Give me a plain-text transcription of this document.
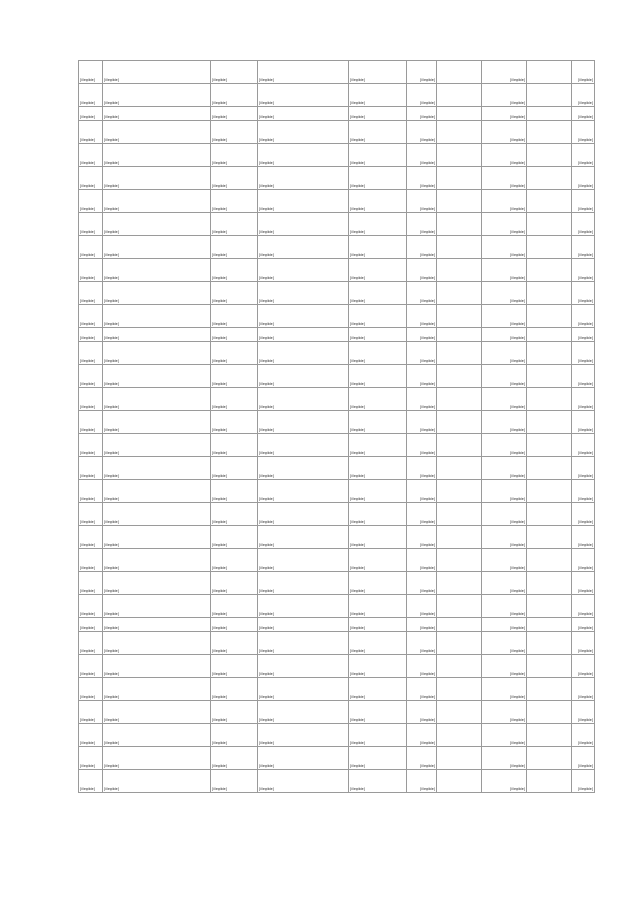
[illegible]	[illegible]	[illegible]	[illegible]	[illegible]	[illegible]		[illegible]		[illegible]
[illegible]	[illegible]	[illegible]	[illegible]	[illegible]	[illegible]		[illegible]		[illegible]
[illegible]	[illegible]	[illegible]	[illegible]	[illegible]	[illegible]		[illegible]		[illegible]
[illegible]	[illegible]	[illegible]	[illegible]	[illegible]	[illegible]		[illegible]		[illegible]
[illegible]	[illegible]	[illegible]	[illegible]	[illegible]	[illegible]		[illegible]		[illegible]
[illegible]	[illegible]	[illegible]	[illegible]	[illegible]	[illegible]		[illegible]		[illegible]
[illegible]	[illegible]	[illegible]	[illegible]	[illegible]	[illegible]		[illegible]		[illegible]
[illegible]	[illegible]	[illegible]	[illegible]	[illegible]	[illegible]		[illegible]		[illegible]
[illegible]	[illegible]	[illegible]	[illegible]	[illegible]	[illegible]		[illegible]		[illegible]
[illegible]	[illegible]	[illegible]	[illegible]	[illegible]	[illegible]		[illegible]		[illegible]
[illegible]	[illegible]	[illegible]	[illegible]	[illegible]	[illegible]		[illegible]		[illegible]
[illegible]	[illegible]	[illegible]	[illegible]	[illegible]	[illegible]		[illegible]		[illegible]
[illegible]	[illegible]	[illegible]	[illegible]	[illegible]	[illegible]		[illegible]		[illegible]
[illegible]	[illegible]	[illegible]	[illegible]	[illegible]	[illegible]		[illegible]		[illegible]
[illegible]	[illegible]	[illegible]	[illegible]	[illegible]	[illegible]		[illegible]		[illegible]
[illegible]	[illegible]	[illegible]	[illegible]	[illegible]	[illegible]		[illegible]		[illegible]
[illegible]	[illegible]	[illegible]	[illegible]	[illegible]	[illegible]		[illegible]		[illegible]
[illegible]	[illegible]	[illegible]	[illegible]	[illegible]	[illegible]		[illegible]		[illegible]
[illegible]	[illegible]	[illegible]	[illegible]	[illegible]	[illegible]		[illegible]		[illegible]
[illegible]	[illegible]	[illegible]	[illegible]	[illegible]	[illegible]		[illegible]		[illegible]
[illegible]	[illegible]	[illegible]	[illegible]	[illegible]	[illegible]		[illegible]		[illegible]
[illegible]	[illegible]	[illegible]	[illegible]	[illegible]	[illegible]		[illegible]		[illegible]
[illegible]	[illegible]	[illegible]	[illegible]	[illegible]	[illegible]		[illegible]		[illegible]
[illegible]	[illegible]	[illegible]	[illegible]	[illegible]	[illegible]		[illegible]		[illegible]
[illegible]	[illegible]	[illegible]	[illegible]	[illegible]	[illegible]		[illegible]		[illegible]
[illegible]	[illegible]	[illegible]	[illegible]	[illegible]	[illegible]		[illegible]		[illegible]
[illegible]	[illegible]	[illegible]	[illegible]	[illegible]	[illegible]		[illegible]		[illegible]
[illegible]	[illegible]	[illegible]	[illegible]	[illegible]	[illegible]		[illegible]		[illegible]
[illegible]	[illegible]	[illegible]	[illegible]	[illegible]	[illegible]		[illegible]		[illegible]
[illegible]	[illegible]	[illegible]	[illegible]	[illegible]	[illegible]		[illegible]		[illegible]
[illegible]	[illegible]	[illegible]	[illegible]	[illegible]	[illegible]		[illegible]		[illegible]
[illegible]	[illegible]	[illegible]	[illegible]	[illegible]	[illegible]		[illegible]		[illegible]
[illegible]	[illegible]	[illegible]	[illegible]	[illegible]	[illegible]		[illegible]		[illegible]
